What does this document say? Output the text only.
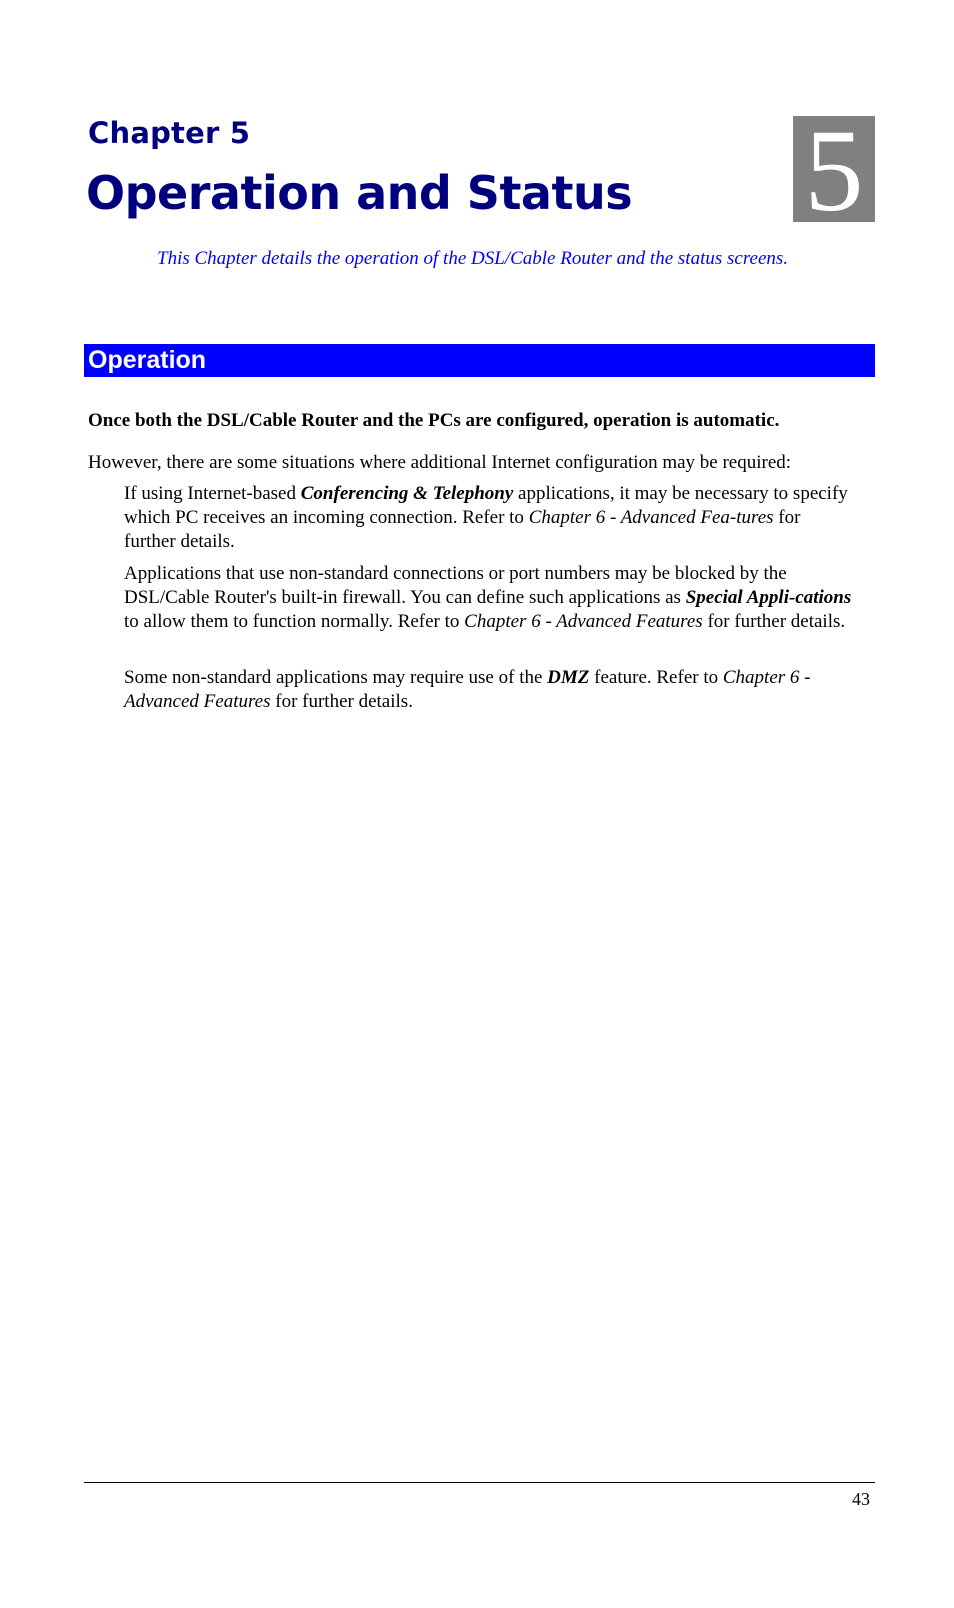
Chapter 5
Operation and Status 5
This Chapter details the operation of the DSL/Cable Router and the status screens.
Operation
Once both the DSL/Cable Router and the PCs are configured, operation is automatic.
However, there are some situations where additional Internet configuration may be required:
If using Internet-based Conferencing & Telephony applications, it may be necessary to specify which PC receives an incoming connection. Refer to Chapter 6 - Advanced Fea-tures for further details.
Applications that use non-standard connections or port numbers may be blocked by the DSL/Cable Router's built-in firewall. You can define such applications as Special Appli-cations to allow them to function normally. Refer to Chapter 6 - Advanced Features for further details.
Some non-standard applications may require use of the DMZ feature. Refer to Chapter 6 - Advanced Features for further details.
43
